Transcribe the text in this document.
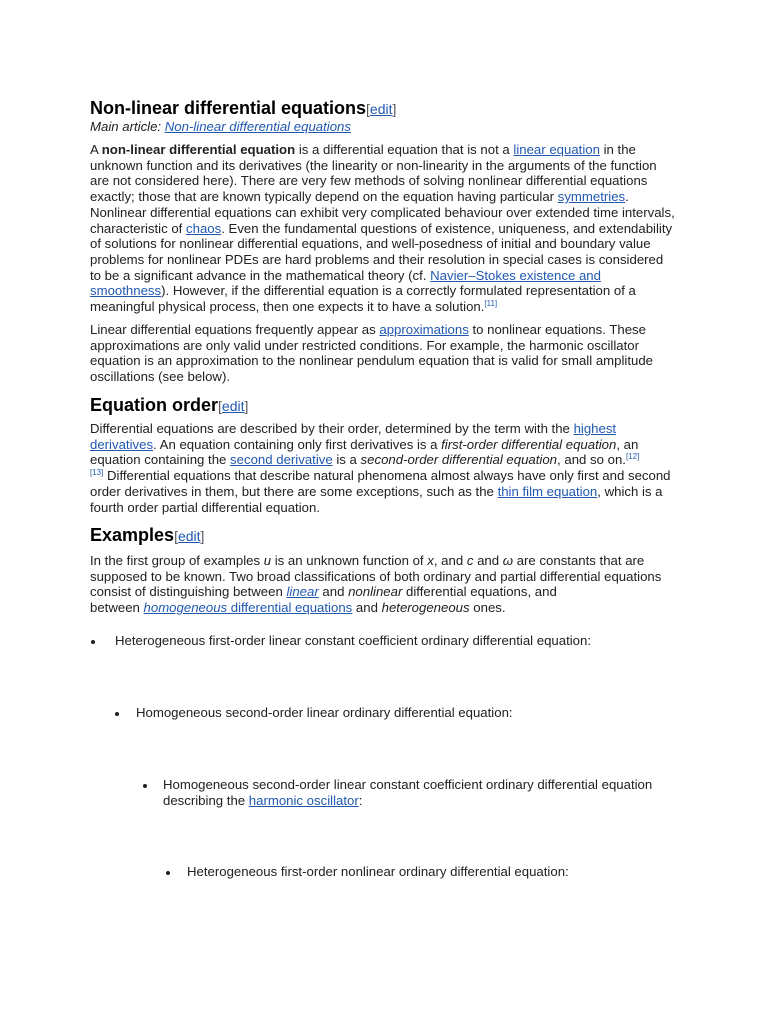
Non-linear differential equations[edit]
Main article: Non-linear differential equations

A non-linear differential equation is a differential equation that is not a linear equation in the
unknown function and its derivatives (the linearity or non-linearity in the arguments of the function
are not considered here). There are very few methods of solving nonlinear differential equations
exactly; those that are known typically depend on the equation having particular symmetries.
Nonlinear differential equations can exhibit very complicated behaviour over extended time intervals,
characteristic of chaos. Even the fundamental questions of existence, uniqueness, and extendability
of solutions for nonlinear differential equations, and well-posedness of initial and boundary value
problems for nonlinear PDEs are hard problems and their resolution in special cases is considered
to be a significant advance in the mathematical theory (cf. Navier–Stokes existence and
smoothness). However, if the differential equation is a correctly formulated representation of a
meaningful physical process, then one expects it to have a solution.[11]

Linear differential equations frequently appear as approximations to nonlinear equations. These
approximations are only valid under restricted conditions. For example, the harmonic oscillator
equation is an approximation to the nonlinear pendulum equation that is valid for small amplitude
oscillations (see below).

Equation order[edit]

Differential equations are described by their order, determined by the term with the highest
derivatives. An equation containing only first derivatives is a first-order differential equation, an
equation containing the second derivative is a second-order differential equation, and so on.[12]
[13] Differential equations that describe natural phenomena almost always have only first and second
order derivatives in them, but there are some exceptions, such as the thin film equation, which is a
fourth order partial differential equation.

Examples[edit]

In the first group of examples u is an unknown function of x, and c and ω are constants that are
supposed to be known. Two broad classifications of both ordinary and partial differential equations
consist of distinguishing between linear and nonlinear differential equations, and
between homogeneous differential equations and heterogeneous ones.

Heterogeneous first-order linear constant coefficient ordinary differential equation:
Homogeneous second-order linear ordinary differential equation:
Homogeneous second-order linear constant coefficient ordinary differential equation
describing the harmonic oscillator:
Heterogeneous first-order nonlinear ordinary differential equation:
